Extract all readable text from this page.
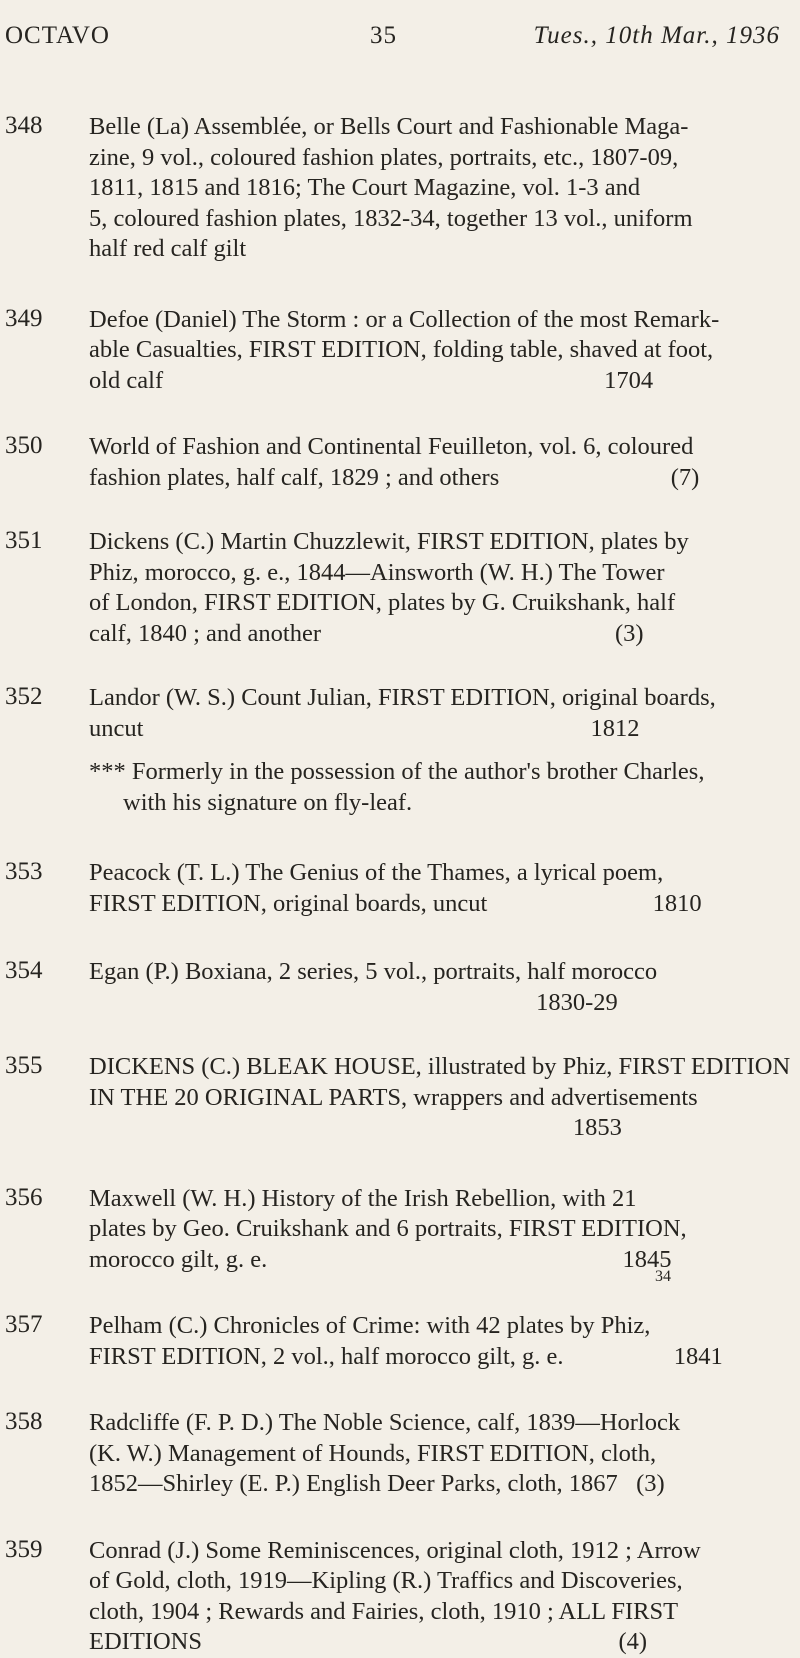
OCTAVO	35	Tues., 10th Mar., 1936
348 Belle (La) Assemblée, or Bells Court and Fashionable Maga-
zine, 9 vol., coloured fashion plates, portraits, etc., 1807-09,
1811, 1815 and 1816; The Court Magazine, vol. 1-3 and
5, coloured fashion plates, 1832-34, together 13 vol., uniform
half red calf gilt
349 Defoe (Daniel) The Storm : or a Collection of the most Remark-
able Casualties, FIRST EDITION, folding table, shaved at foot,
old calf                                                                        1704
350 World of Fashion and Continental Feuilleton, vol. 6, coloured
fashion plates, half calf, 1829 ; and others                            (7)
351 Dickens (C.) Martin Chuzzlewit, FIRST EDITION, plates by
Phiz, morocco, g. e., 1844—Ainsworth (W. H.) The Tower
of London, FIRST EDITION, plates by G. Cruikshank, half
calf, 1840 ; and another                                                (3)
352 Landor (W. S.) Count Julian, FIRST EDITION, original boards,
uncut                                                                         1812
*** Formerly in the possession of the author's brother Charles,
with his signature on fly-leaf.
353 Peacock (T. L.) The Genius of the Thames, a lyrical poem,
FIRST EDITION, original boards, uncut                           1810
354 Egan (P.) Boxiana, 2 series, 5 vol., portraits, half morocco
1830-29
355 DICKENS (C.) BLEAK HOUSE, illustrated by Phiz, FIRST EDITION
IN THE 20 ORIGINAL PARTS, wrappers and advertisements
1853
356 Maxwell (W. H.) History of the Irish Rebellion, with 21
plates by Geo. Cruikshank and 6 portraits, FIRST EDITION,
morocco gilt, g. e.                                                          1845
357 Pelham (C.) Chronicles of Crime: with 42 plates by Phiz,
FIRST EDITION, 2 vol., half morocco gilt, g. e.                  1841
358 Radcliffe (F. P. D.) The Noble Science, calf, 1839—Horlock
(K. W.) Management of Hounds, FIRST EDITION, cloth,
1852—Shirley (E. P.) English Deer Parks, cloth, 1867   (3)
359 Conrad (J.) Some Reminiscences, original cloth, 1912 ; Arrow
of Gold, cloth, 1919—Kipling (R.) Traffics and Discoveries,
cloth, 1904 ; Rewards and Fairies, cloth, 1910 ; ALL FIRST
EDITIONS                                                                    (4)
34
